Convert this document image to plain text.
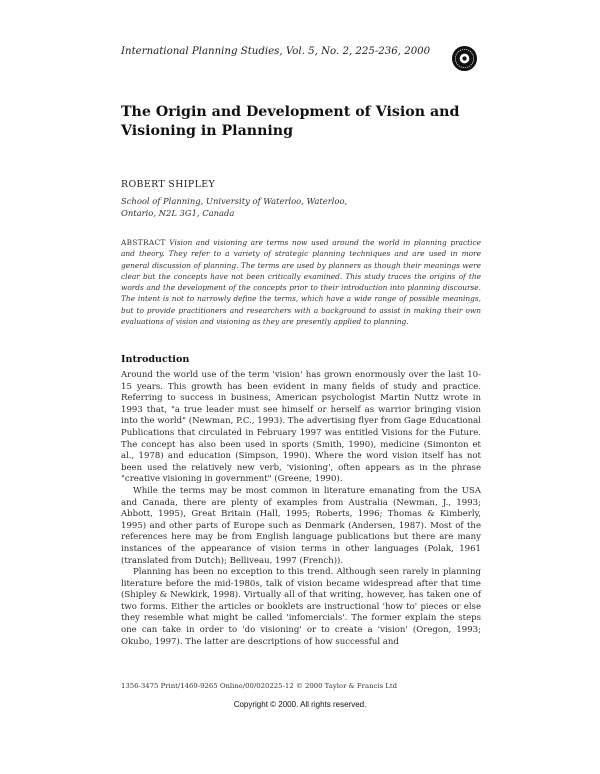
International Planning Studies, Vol. 5, No. 2, 225-236, 2000
The Origin and Development of Vision and
Visioning in Planning
ROBERT SHIPLEY
School of Planning, University of Waterloo, Waterloo,
Ontario, N2L 3G1, Canada
ABSTRACT Vision and visioning are terms now used around the world in planning practice and theory. They refer to a variety of strategic planning techniques and are used in more general discussion of planning. The terms are used by planners as though their meanings were clear but the concepts have not been critically examined. This study traces the origins of the words and the development of the concepts prior to their introduction into planning discourse. The intent is not to narrowly define the terms, which have a wide range of possible meanings, but to provide practitioners and researchers with a background to assist in making their own evaluations of vision and visioning as they are presently applied to planning.
Introduction

Around the world use of the term 'vision' has grown enormously over the last 10-15 years. This growth has been evident in many fields of study and practice. Referring to success in business, American psychologist Martin Nuttz wrote in 1993 that, "a true leader must see himself or herself as warrior bringing vision into the world" (Newman, P.C., 1993). The advertising flyer from Gage Educational Publications that circulated in February 1997 was entitled Visions for the Future. The concept has also been used in sports (Smith, 1990), medicine (Simonton et al., 1978) and education (Simpson, 1990). Where the word vision itself has not been used the relatively new verb, 'visioning', often appears as in the phrase "creative visioning in government" (Greene, 1990).

While the terms may be most common in literature emanating from the USA and Canada, there are plenty of examples from Australia (Newman, J., 1993; Abbott, 1995), Great Britain (Hall, 1995; Roberts, 1996; Thomas & Kimberly, 1995) and other parts of Europe such as Denmark (Andersen, 1987). Most of the references here may be from English language publications but there are many instances of the appearance of vision terms in other languages (Polak, 1961 (translated from Dutch); Belliveau, 1997 (French)).

Planning has been no exception to this trend. Although seen rarely in planning literature before the mid-1980s, talk of vision became widespread after that time (Shipley & Newkirk, 1998). Virtually all of that writing, however, has taken one of two forms. Either the articles or booklets are instructional 'how to' pieces or else they resemble what might be called 'infomercials'. The former explain the steps one can take in order to 'do visioning' or to create a 'vision' (Oregon, 1993; Okubo, 1997). The latter are descriptions of how successful and

1356-3475 Print/1469-9265 Online/00/020225-12 © 2000 Taylor & Francis Ltd
Copyright © 2000. All rights reserved.
